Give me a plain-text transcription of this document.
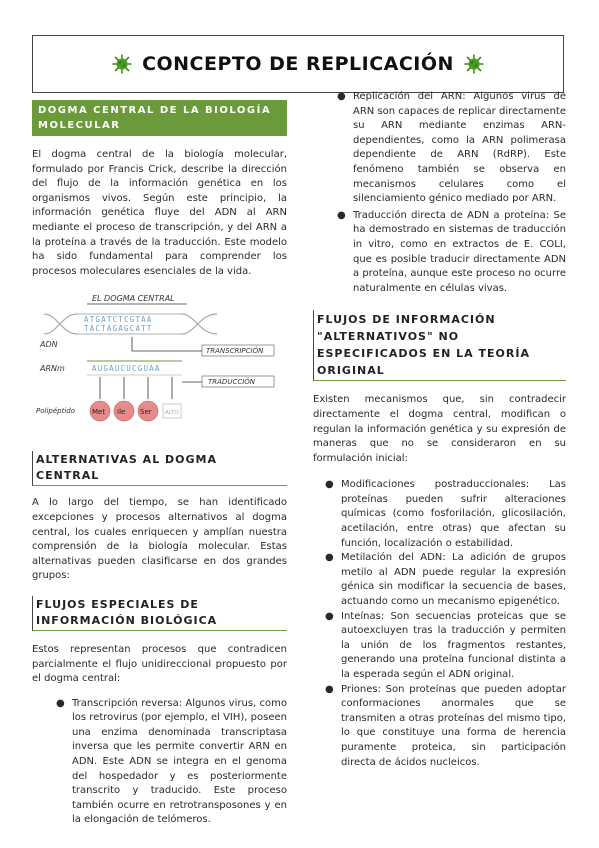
CONCEPTO DE REPLICACIÓN
DOGMA CENTRAL DE LA BIOLOGÍA MOLECULAR

El dogma central de la biología molecular, formulado por Francis Crick, describe la dirección del flujo de la información genética en los organismos vivos. Según este principio, la información genética fluye del ADN al ARN mediante el proceso de transcripción, y del ARN a la proteína a través de la traducción. Este modelo ha sido fundamental para comprender los procesos moleculares esenciales de la vida.

EL DOGMA CENTRAL
ATGATCTCGTAA
TACTAGAGCATT
ADN
TRANSCRIPCIÓN
ARNm	AUGAUCUCGUAA
TRADUCCIÓN
Polipéptido Met Ile Ser ALTO
ALTERNATIVAS AL DOGMA CENTRAL

A lo largo del tiempo, se han identificado excepciones y procesos alternativos al dogma central, los cuales enriquecen y amplían nuestra comprensión de la biología molecular. Estas alternativas pueden clasificarse en dos grandes grupos:

FLUJOS ESPECIALES DE INFORMACIÓN BIOLÓGICA

Estos representan procesos que contradicen parcialmente el flujo unidireccional propuesto por el dogma central:

● Transcripción reversa: Algunos virus, como los retrovirus (por ejemplo, el VIH), poseen una enzima denominada transcriptasa inversa que les permite convertir ARN en ADN. Este ADN se integra en el genoma del hospedador y es posteriormente transcrito y traducido. Este proceso también ocurre en retrotransposones y en la elongación de telómeros.
● Replicación del ARN: Algunos virus de ARN son capaces de replicar directamente su ARN mediante enzimas ARN-dependientes, como la ARN polimerasa dependiente de ARN (RdRP). Este fenómeno también se observa en mecanismos celulares como el silenciamiento génico mediado por ARN.
● Traducción directa de ADN a proteína: Se ha demostrado en sistemas de traducción in vitro, como en extractos de E. COLI, que es posible traducir directamente ADN a proteína, aunque este proceso no ocurre naturalmente en células vivas.
FLUJOS DE INFORMACIÓN "ALTERNATIVOS" NO ESPECIFICADOS EN LA TEORÍA ORIGINAL

Existen mecanismos que, sin contradecir directamente el dogma central, modifican o regulan la información genética y su expresión de maneras que no se consideraron en su formulación inicial:

● Modificaciones postraduccionales: Las proteínas pueden sufrir alteraciones químicas (como fosforilación, glicosilación, acetilación, entre otras) que afectan su función, localización o estabilidad.
● Metilación del ADN: La adición de grupos metilo al ADN puede regular la expresión génica sin modificar la secuencia de bases, actuando como un mecanismo epigenético.
● Inteínas: Son secuencias proteicas que se autoexcluyen tras la traducción y permiten la unión de los fragmentos restantes, generando una proteína funcional distinta a la esperada según el ADN original.
● Priones: Son proteínas que pueden adoptar conformaciones anormales que se transmiten a otras proteínas del mismo tipo, lo que constituye una forma de herencia puramente proteica, sin participación directa de ácidos nucleicos.
